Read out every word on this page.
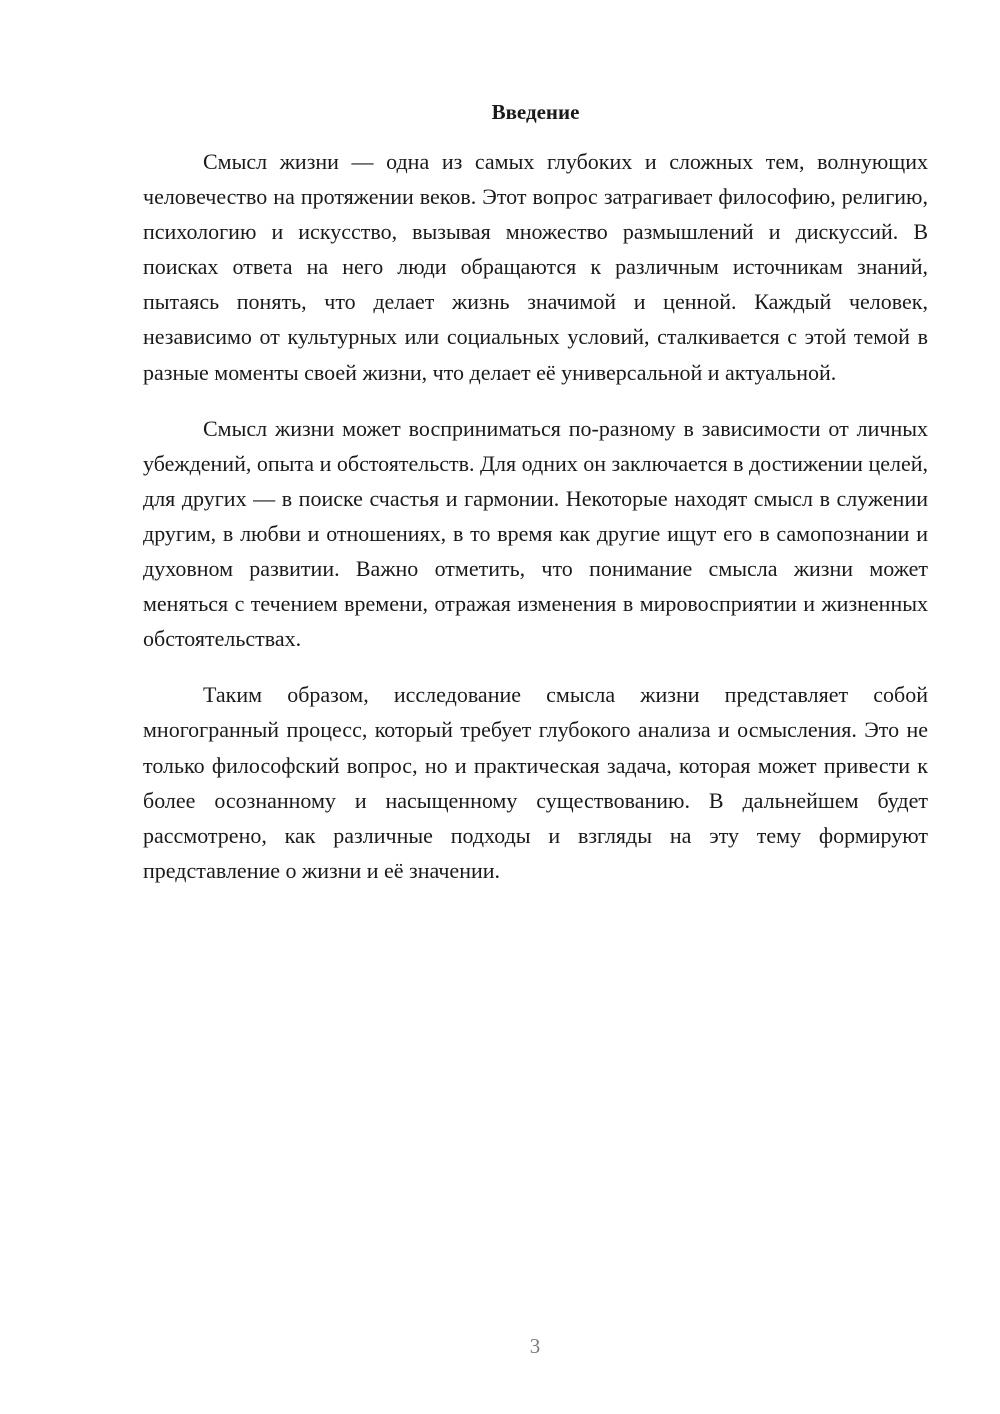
Введение

Смысл жизни — одна из самых глубоких и сложных тем, волнующих человечество на протяжении веков. Этот вопрос затрагивает философию, религию, психологию и искусство, вызывая множество размышлений и дискуссий. В поисках ответа на него люди обращаются к различным источникам знаний, пытаясь понять, что делает жизнь значимой и ценной. Каждый человек, независимо от культурных или социальных условий, сталкивается с этой темой в разные моменты своей жизни, что делает её универсальной и актуальной.

Смысл жизни может восприниматься по-разному в зависимости от личных убеждений, опыта и обстоятельств. Для одних он заключается в достижении целей, для других — в поиске счастья и гармонии. Некоторые находят смысл в служении другим, в любви и отношениях, в то время как другие ищут его в самопознании и духовном развитии. Важно отметить, что понимание смысла жизни может меняться с течением времени, отражая изменения в мировосприятии и жизненных обстоятельствах.

Таким образом, исследование смысла жизни представляет собой многогранный процесс, который требует глубокого анализа и осмысления. Это не только философский вопрос, но и практическая задача, которая может привести к более осознанному и насыщенному существованию. В дальнейшем будет рассмотрено, как различные подходы и взгляды на эту тему формируют представление о жизни и её значении.

3
